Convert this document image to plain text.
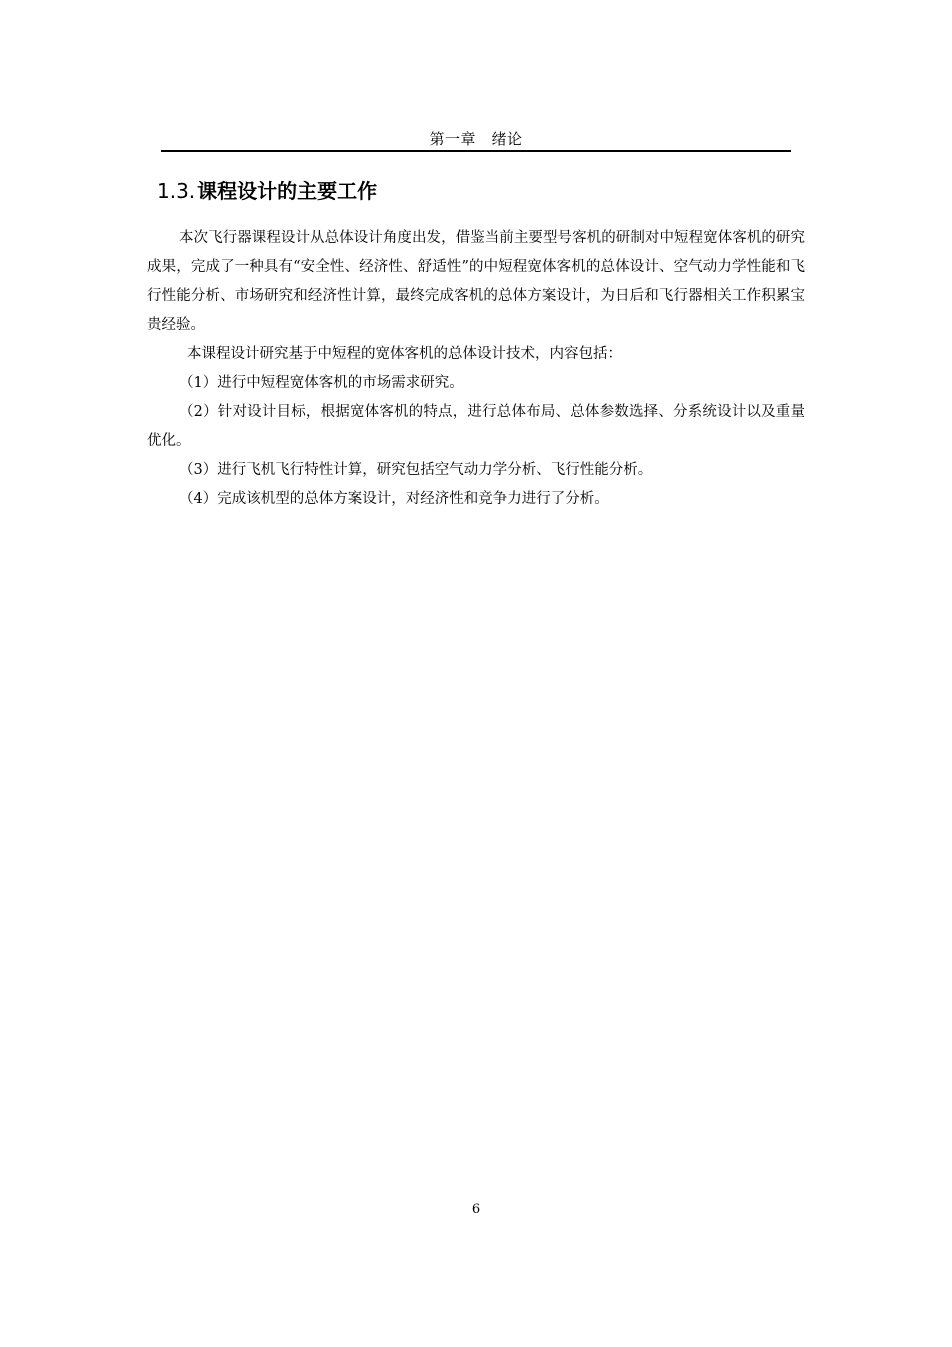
第一章　绪论
1.3. 课程设计的主要工作

本次飞行器课程设计从总体设计角度出发，借鉴当前主要型号客机的研制对中短程宽体客机的研究成果，完成了一种具有“安全性、经济性、舒适性”的中短程宽体客机的总体设计、空气动力学性能和飞行性能分析、市场研究和经济性计算，最终完成客机的总体方案设计，为日后和飞行器相关工作积累宝贵经验。

本课程设计研究基于中短程的宽体客机的总体设计技术，内容包括：

（1）进行中短程宽体客机的市场需求研究。

（2）针对设计目标，根据宽体客机的特点，进行总体布局、总体参数选择、分系统设计以及重量优化。

（3）进行飞机飞行特性计算，研究包括空气动力学分析、飞行性能分析。

（4）完成该机型的总体方案设计，对经济性和竞争力进行了分析。

6
